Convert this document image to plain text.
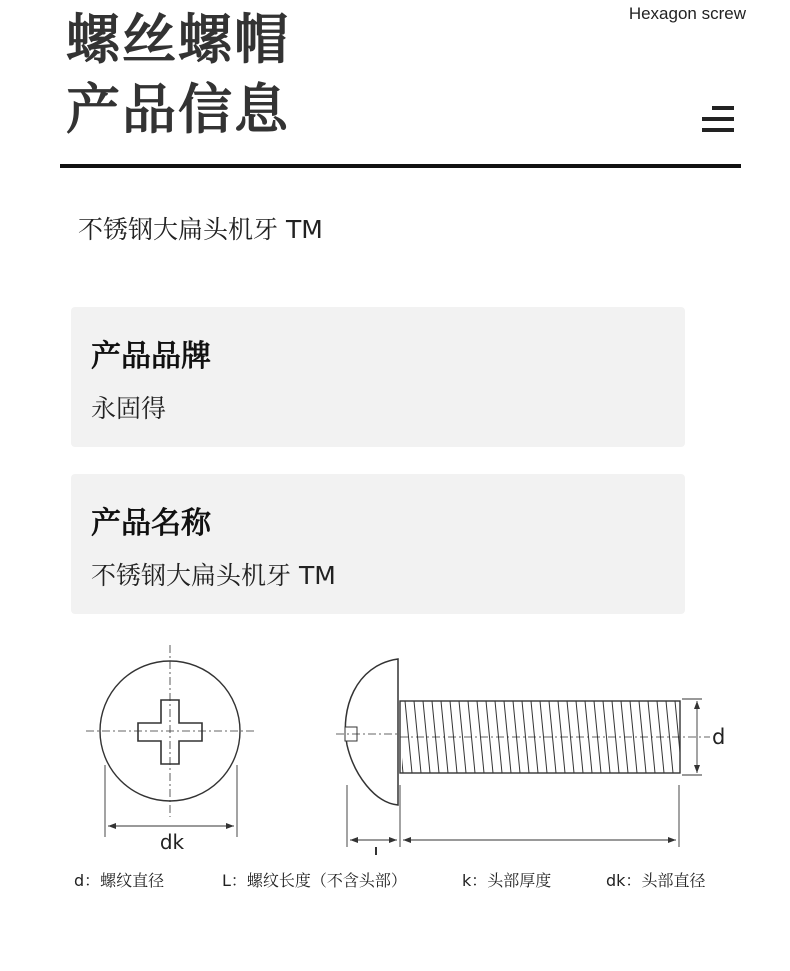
Hexagon screw
螺丝螺帽
产品信息
不锈钢大扁头机牙 TM
产品品牌
永固得
产品名称
不锈钢大扁头机牙 TM
dk
d
d：螺纹直径	L：螺纹长度（不含头部）	k：头部厚度	dk：头部直径
